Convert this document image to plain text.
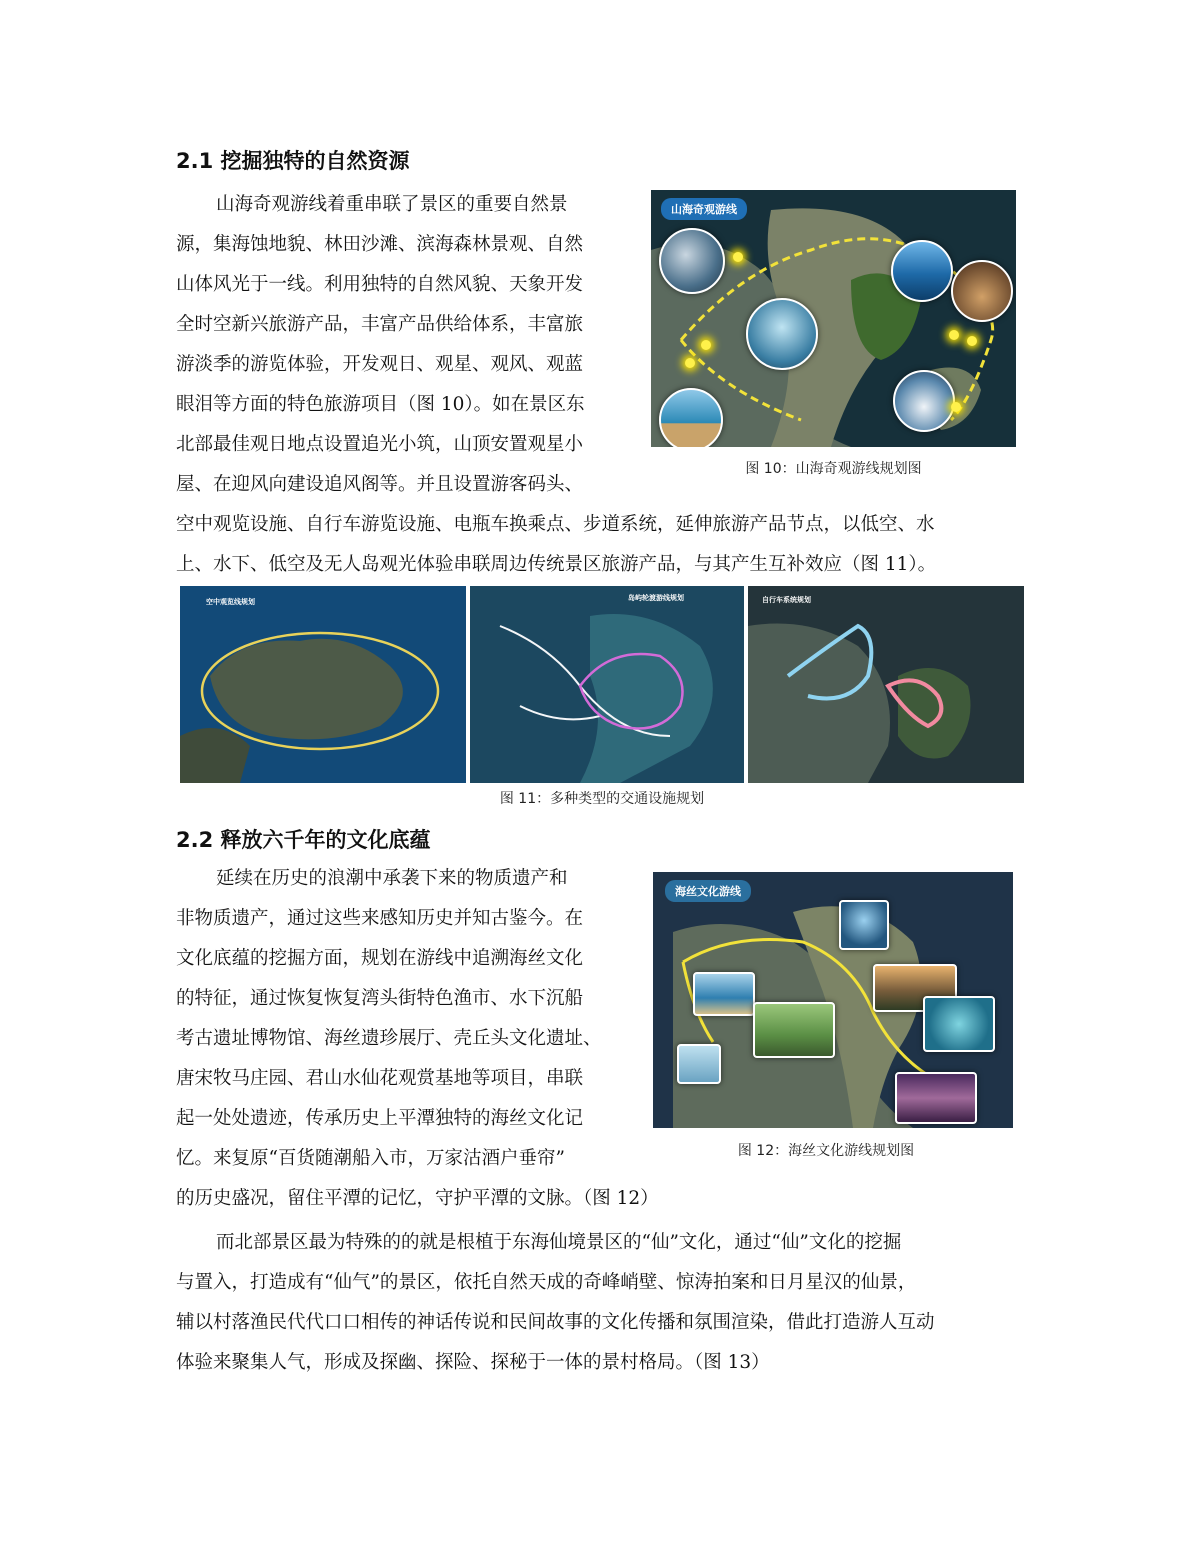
2.1 挖掘独特的自然资源
山海奇观游线着重串联了景区的重要自然景
源，集海蚀地貌、林田沙滩、滨海森林景观、自然
山体风光于一线。利用独特的自然风貌、天象开发
全时空新兴旅游产品，丰富产品供给体系，丰富旅
游淡季的游览体验，开发观日、观星、观风、观蓝
眼泪等方面的特色旅游项目（图 10）。如在景区东
北部最佳观日地点设置追光小筑，山顶安置观星小
屋、在迎风向建设追风阁等。并且设置游客码头、
空中观览设施、自行车游览设施、电瓶车换乘点、步道系统，延伸旅游产品节点，以低空、水
上、水下、低空及无人岛观光体验串联周边传统景区旅游产品，与其产生互补效应（图 11）。
山海奇观游线
图 10：山海奇观游线规划图
空中观览线规划	岛屿轮渡游线规划	自行车系统规划
图 11：多种类型的交通设施规划
2.2 释放六千年的文化底蕴
延续在历史的浪潮中承袭下来的物质遗产和
非物质遗产，通过这些来感知历史并知古鉴今。在
文化底蕴的挖掘方面，规划在游线中追溯海丝文化
的特征，通过恢复恢复湾头街特色渔市、水下沉船
考古遗址博物馆、海丝遗珍展厅、壳丘头文化遗址、
唐宋牧马庄园、君山水仙花观赏基地等项目，串联
起一处处遗迹，传承历史上平潭独特的海丝文化记
忆。来复原“百货随潮船入市，万家沽酒户垂帘”
的历史盛况，留住平潭的记忆，守护平潭的文脉。（图 12）
海丝文化游线
图 12：海丝文化游线规划图
而北部景区最为特殊的的就是根植于东海仙境景区的“仙”文化，通过“仙”文化的挖掘
与置入，打造成有“仙气”的景区，依托自然天成的奇峰峭壁、惊涛拍案和日月星汉的仙景，
辅以村落渔民代代口口相传的神话传说和民间故事的文化传播和氛围渲染，借此打造游人互动
体验来聚集人气，形成及探幽、探险、探秘于一体的景村格局。（图 13）
